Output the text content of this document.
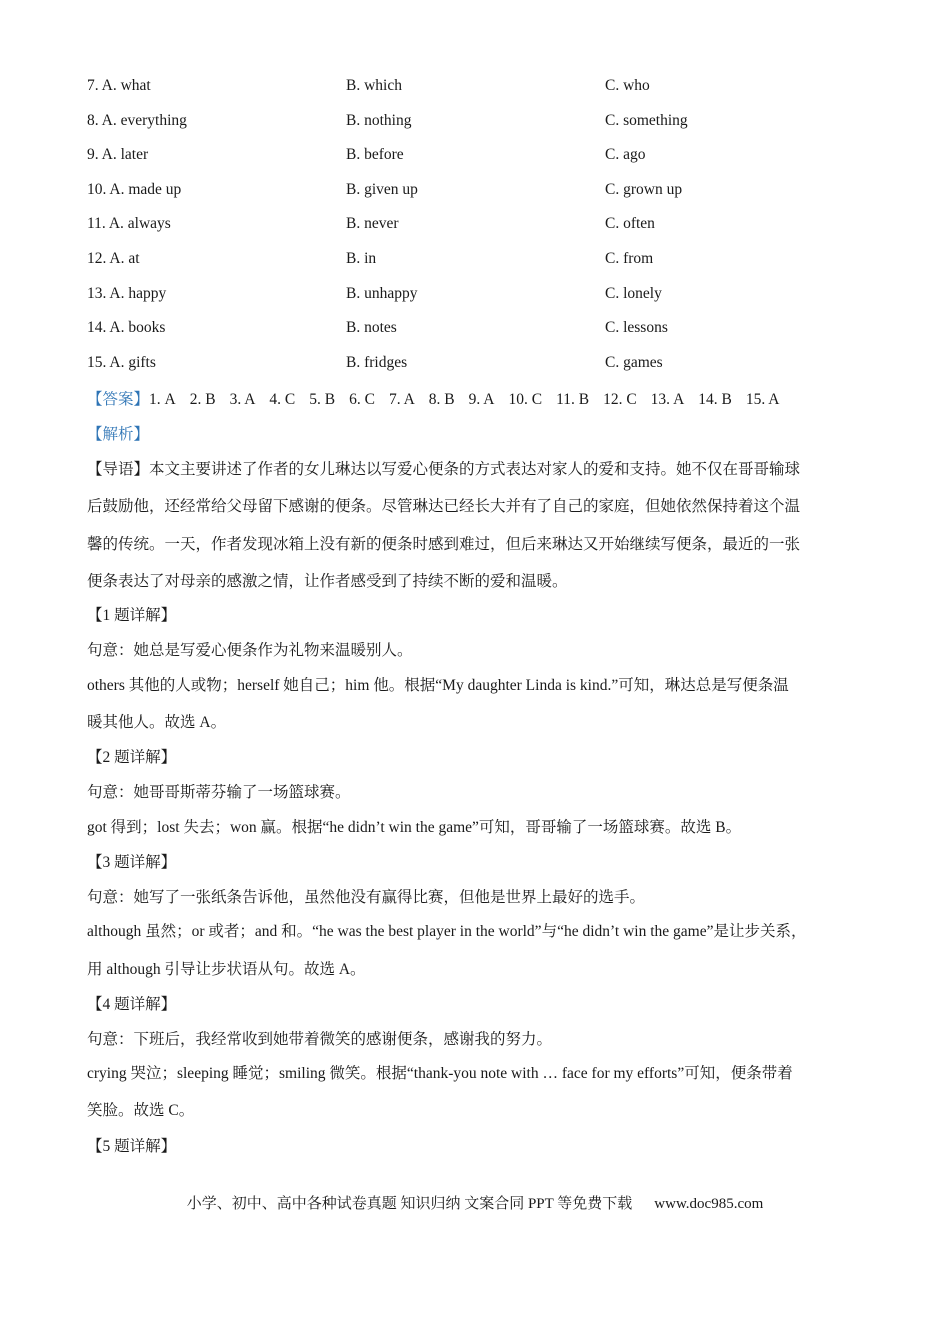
7. A. what	B. which	C. who
8. A. everything	B. nothing	C. something
9. A. later	B. before	C. ago
10. A. made up	B. given up	C. grown up
11. A. always	B. never	C. often
12. A. at	B. in	C. from
13. A. happy	B. unhappy	C. lonely
14. A. books	B. notes	C. lessons
15. A. gifts	B. fridges	C. games
【答案】1. A 2. B 3. A 4. C 5. B 6. C 7. A 8. B 9. A 10. C 11. B 12. C 13. A 14. B 15. A
【解析】
【导语】本文主要讲述了作者的女儿琳达以写爱心便条的方式表达对家人的爱和支持。她不仅在哥哥输球
后鼓励他，还经常给父母留下感谢的便条。尽管琳达已经长大并有了自己的家庭，但她依然保持着这个温
馨的传统。一天，作者发现冰箱上没有新的便条时感到难过，但后来琳达又开始继续写便条，最近的一张
便条表达了对母亲的感激之情，让作者感受到了持续不断的爱和温暖。
【1 题详解】
句意：她总是写爱心便条作为礼物来温暖别人。
others 其他的人或物；herself 她自己；him 他。根据“My daughter Linda is kind.”可知，琳达总是写便条温
暖其他人。故选 A。
【2 题详解】
句意：她哥哥斯蒂芬输了一场篮球赛。
got 得到；lost 失去；won 赢。根据“he didn’t win the game”可知，哥哥输了一场篮球赛。故选 B。
【3 题详解】
句意：她写了一张纸条告诉他，虽然他没有赢得比赛，但他是世界上最好的选手。
although 虽然；or 或者；and 和。“he was the best player in the world”与“he didn’t win the game”是让步关系，
用 although 引导让步状语从句。故选 A。
【4 题详解】
句意：下班后，我经常收到她带着微笑的感谢便条，感谢我的努力。
crying 哭泣；sleeping 睡觉；smiling 微笑。根据“thank-you note with … face for my efforts”可知，便条带着
笑脸。故选 C。
【5 题详解】
小学、初中、高中各种试卷真题 知识归纳 文案合同 PPT 等免费下载 www.doc985.com
